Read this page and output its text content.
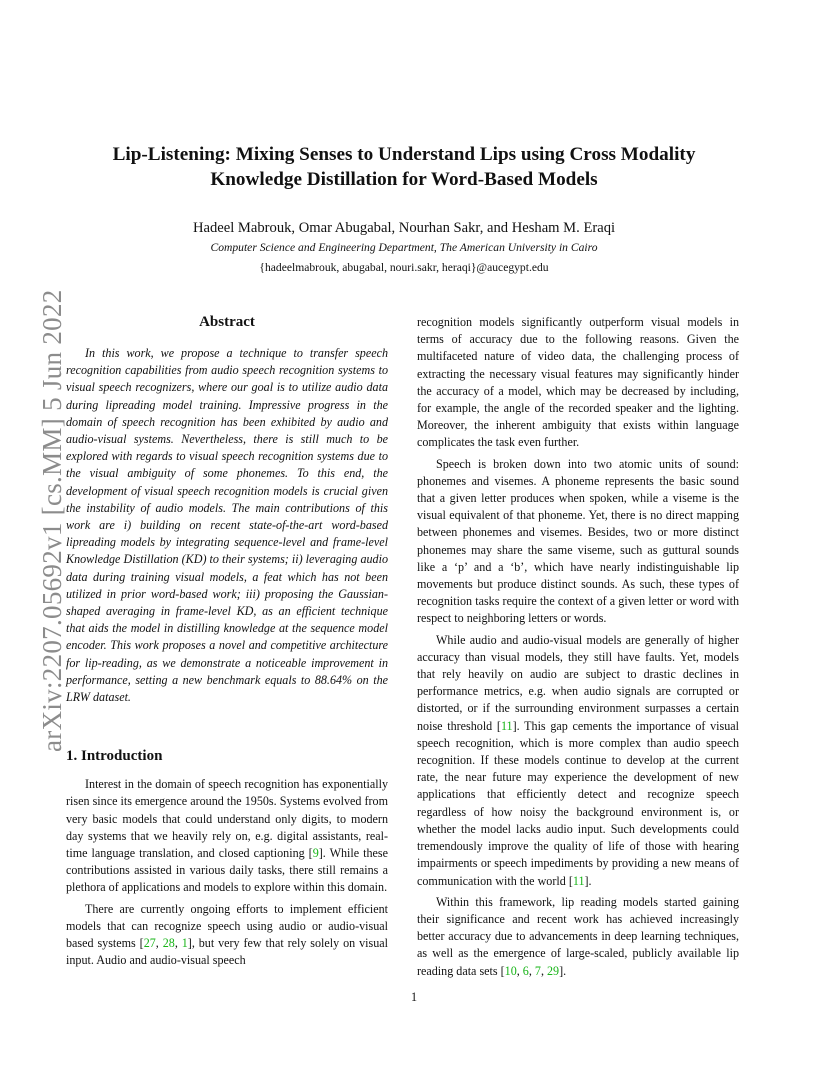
arXiv:2207.05692v1 [cs.MM] 5 Jun 2022
Lip-Listening: Mixing Senses to Understand Lips using Cross Modality
Knowledge Distillation for Word-Based Models
Hadeel Mabrouk, Omar Abugabal, Nourhan Sakr, and Hesham M. Eraqi
Computer Science and Engineering Department, The American University in Cairo
{hadeelmabrouk, abugabal, nouri.sakr, heraqi}@aucegypt.edu
Abstract

In this work, we propose a technique to transfer speech recognition capabilities from audio speech recognition systems to visual speech recognizers, where our goal is to utilize audio data during lipreading model training. Impressive progress in the domain of speech recognition has been exhibited by audio and audio-visual systems. Nevertheless, there is still much to be explored with regards to visual speech recognition systems due to the visual ambiguity of some phonemes. To this end, the development of visual speech recognition models is crucial given the instability of audio models. The main contributions of this work are i) building on recent state-of-the-art word-based lipreading models by integrating sequence-level and frame-level Knowledge Distillation (KD) to their systems; ii) leveraging audio data during training visual models, a feat which has not been utilized in prior word-based work; iii) proposing the Gaussian-shaped averaging in frame-level KD, as an efficient technique that aids the model in distilling knowledge at the sequence model encoder. This work proposes a novel and competitive architecture for lip-reading, as we demonstrate a noticeable improvement in performance, setting a new benchmark equals to 88.64% on the LRW dataset.

1. Introduction

Interest in the domain of speech recognition has exponentially risen since its emergence around the 1950s. Systems evolved from very basic models that could understand only digits, to modern day systems that we heavily rely on, e.g. digital assistants, real-time language translation, and closed captioning [9]. While these contributions assisted in various daily tasks, there still remains a plethora of applications and models to explore within this domain.

There are currently ongoing efforts to implement efficient models that can recognize speech using audio or audio-visual based systems [27, 28, 1], but very few that rely solely on visual input. Audio and audio-visual speech

recognition models significantly outperform visual models in terms of accuracy due to the following reasons. Given the multifaceted nature of video data, the challenging process of extracting the necessary visual features may significantly hinder the accuracy of a model, which may be decreased by including, for example, the angle of the recorded speaker and the lighting. Moreover, the inherent ambiguity that exists within language complicates the task even further.

Speech is broken down into two atomic units of sound: phonemes and visemes. A phoneme represents the basic sound that a given letter produces when spoken, while a viseme is the visual equivalent of that phoneme. Yet, there is no direct mapping between phonemes and visemes. Besides, two or more distinct phonemes may share the same viseme, such as guttural sounds like a ‘p’ and a ‘b’, which have nearly indistinguishable lip movements but produce distinct sounds. As such, these types of recognition tasks require the context of a given letter or word with respect to neighboring letters or words.

While audio and audio-visual models are generally of higher accuracy than visual models, they still have faults. Yet, models that rely heavily on audio are subject to drastic declines in performance metrics, e.g. when audio signals are corrupted or distorted, or if the surrounding environment surpasses a certain noise threshold [11]. This gap cements the importance of visual speech recognition, which is more complex than audio speech recognition. If these models continue to develop at the current rate, the near future may experience the development of new applications that efficiently detect and recognize speech regardless of how noisy the background environment is, or whether the model lacks audio input. Such developments could tremendously improve the quality of life of those with hearing impairments or speech impediments by providing a new means of communication with the world [11].

Within this framework, lip reading models started gaining their significance and recent work has achieved increasingly better accuracy due to advancements in deep learning techniques, as well as the emergence of large-scaled, publicly available lip reading data sets [10, 6, 7, 29].

1
